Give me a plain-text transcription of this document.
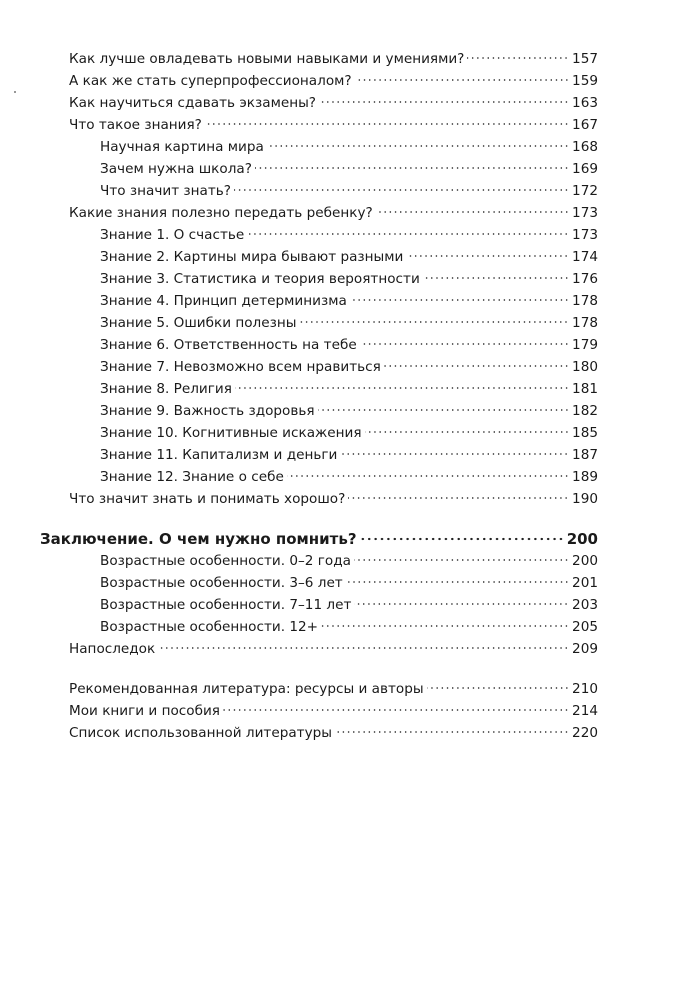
Как лучше овладевать новыми навыками и умениями?	157
А как же стать суперпрофессионалом?	159
Как научиться сдавать экзамены?	163
Что такое знания?	167
Научная картина мира	168
Зачем нужна школа?	169
Что значит знать?	172
Какие знания полезно передать ребенку?	173
Знание 1. О счастье	173
Знание 2. Картины мира бывают разными	174
Знание 3. Статистика и теория вероятности	176
Знание 4. Принцип детерминизма	178
Знание 5. Ошибки полезны	178
Знание 6. Ответственность на тебе	179
Знание 7. Невозможно всем нравиться	180
Знание 8. Религия	181
Знание 9. Важность здоровья	182
Знание 10. Когнитивные искажения	185
Знание 11. Капитализм и деньги	187
Знание 12. Знание о себе	189
Что значит знать и понимать хорошо?	190
Заключение. О чем нужно помнить?	200
Возрастные особенности. 0–2 года	200
Возрастные особенности. 3–6 лет	201
Возрастные особенности. 7–11 лет	203
Возрастные особенности. 12+	205
Напоследок	209
Рекомендованная литература: ресурсы и авторы	210
Мои книги и пособия	214
Список использованной литературы	220
